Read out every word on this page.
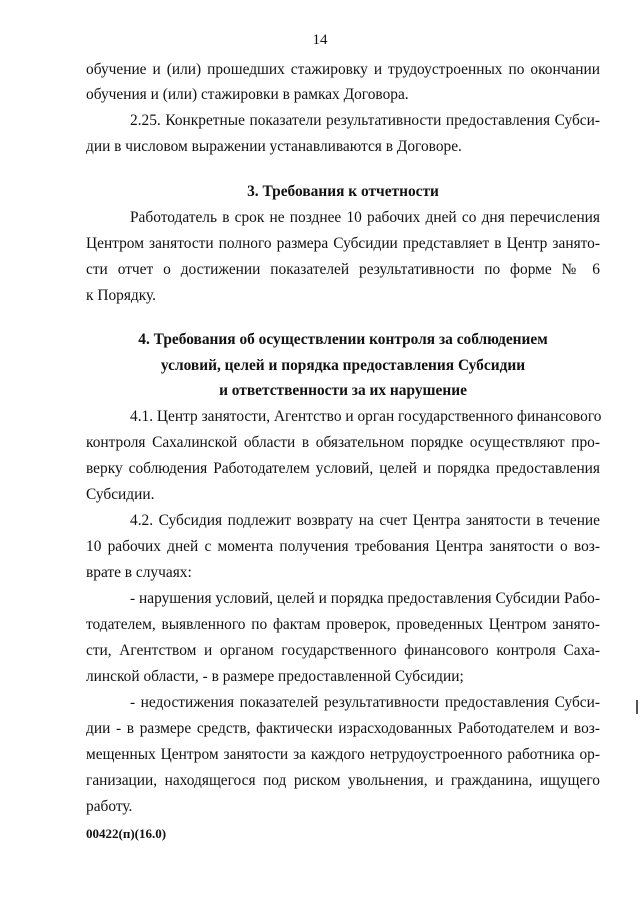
14
обучение и (или) прошедших стажировку и трудоустроенных по окончании
обучения и (или) стажировки в рамках Договора.
2.25. Конкретные показатели результативности предоставления Субси-
дии в числовом выражении устанавливаются в Договоре.
3. Требования к отчетности
Работодатель в срок не позднее 10 рабочих дней со дня перечисления
Центром занятости полного размера Субсидии представляет в Центр занято-
сти отчет о достижении показателей результативности по форме № 6
к Порядку.
4. Требования об осуществлении контроля за соблюдением
условий, целей и порядка предоставления Субсидии
и ответственности за их нарушение
4.1. Центр занятости, Агентство и орган государственного финансового
контроля Сахалинской области в обязательном порядке осуществляют про-
верку соблюдения Работодателем условий, целей и порядка предоставления
Субсидии.
4.2. Субсидия подлежит возврату на счет Центра занятости в течение
10 рабочих дней с момента получения требования Центра занятости о воз-
врате в случаях:
- нарушения условий, целей и порядка предоставления Субсидии Рабо-
тодателем, выявленного по фактам проверок, проведенных Центром занято-
сти, Агентством и органом государственного финансового контроля Саха-
линской области, - в размере предоставленной Субсидии;
- недостижения показателей результативности предоставления Субси-
дии - в размере средств, фактически израсходованных Работодателем и воз-
мещенных Центром занятости за каждого нетрудоустроенного работника ор-
ганизации, находящегося под риском увольнения, и гражданина, ищущего
работу.
00422(п)(16.0)
